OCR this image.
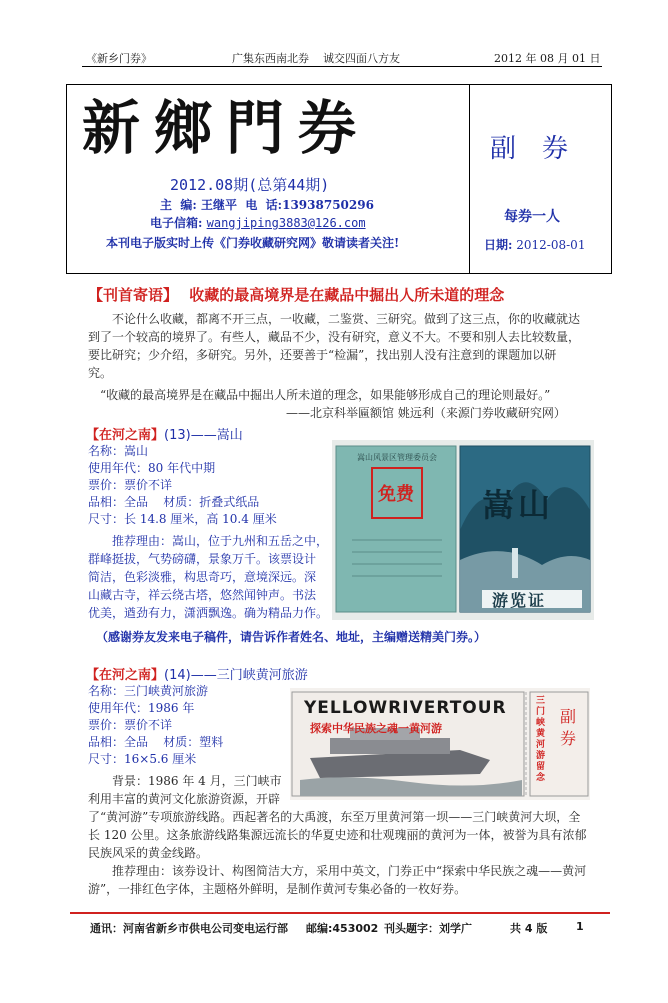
《新乡门券》	广集东西南北券    诚交四面八方友	2012 年 08 月 01 日
新鄉門券
2012.08期(总第44期)
主  编: 王继平  电  话:13938750296
电子信箱: wangjiping3883@126.com
本刊电子版实时上传《门券收藏研究网》敬请读者关注!
副券
每券一人
日期: 2012-08-01
【刊首寄语】 收藏的最高境界是在藏品中掘出人所未道的理念
不论什么收藏，都离不开三点，一收藏，二鉴赏、三研究。做到了这三点，你的收藏就达到了一个较高的境界了。有些人，藏品不少，没有研究，意义不大。不要和别人去比较数量，要比研究；少介绍，多研究。另外，还要善于“检漏”，找出别人没有注意到的课题加以研究。
“收藏的最高境界是在藏品中掘出人所未道的理念，如果能够形成自己的理论则最好。”
——北京科举匾额馆 姚远利（来源门券收藏研究网）
【在河之南】(13)——嵩山
名称：嵩山
使用年代：80 年代中期
票价：票价不详
品相：全品    材质：折叠式纸品
尺寸：长 14.8 厘米，高 10.4 厘米
推荐理由：嵩山，位于九州和五岳之中，
群峰挺拔，气势磅礴，景象万千。该票设计
简洁，色彩淡雅，构思奇巧，意境深远。深
山藏古寺，祥云绕古塔，悠然闻钟声。书法
优美，遒劲有力，潇洒飘逸。确为精品力作。
嵩山风景区管理委员会
免费 嵩山
游览证
（感谢券友发来电子稿件，请告诉作者姓名、地址，主编赠送精美门券。）
【在河之南】(14)——三门峡黄河旅游
名称：三门峡黄河旅游
使用年代：1986 年
票价：票价不详
品相：全品    材质：塑料
尺寸：16×5.6 厘米
背景：1986 年 4 月，三门峡市
利用丰富的黄河文化旅游资源，开辟
了“黄河游”专项旅游线路。西起著名的大禹渡，东至万里黄河第一坝——三门峡黄河大坝，全长 120 公里。这条旅游线路集源远流长的华夏史迹和壮观瑰丽的黄河为一体，被誉为具有浓郁民族风采的黄金线路。
推荐理由：该券设计、构图简洁大方，采用中英文，门券正中“探索中华民族之魂——黄河游”，一排红色字体，主题格外鲜明，是制作黄河专集必备的一枚好券。
YELLOWRIVERTOUR
探索中华民族之魂一黄河游
三门峡黄河游留念
副券
通讯：河南省新乡市供电公司变电运行部 邮编:453002 刊头题字：刘学广	共 4 版	1
